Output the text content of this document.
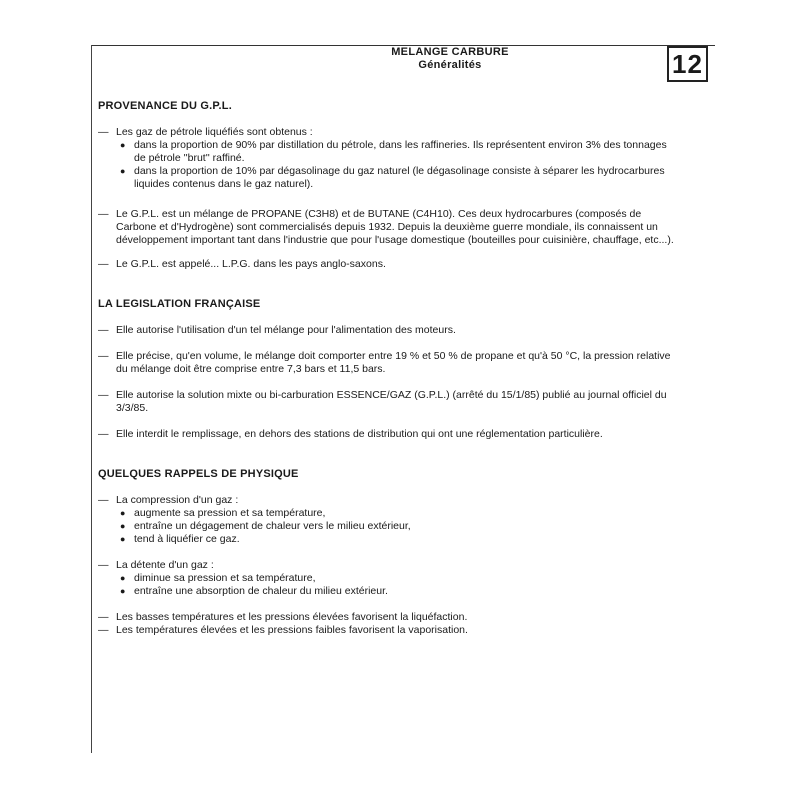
MELANGE CARBURE
Généralités	12
PROVENANCE DU G.P.L.
— Les gaz de pétrole liquéfiés sont obtenus :
● dans la proportion de 90% par distillation du pétrole, dans les raffineries. Ils représentent environ 3% des tonnages de pétrole ''brut'' raffiné.
● dans la proportion de 10% par dégasolinage du gaz naturel (le dégasolinage consiste à séparer les hydrocarbures liquides contenus dans le gaz naturel).
— Le G.P.L. est un mélange de PROPANE (C3H8) et de BUTANE (C4H10). Ces deux hydrocarbures (composés de Carbone et d'Hydrogène) sont commercialisés depuis 1932. Depuis la deuxième guerre mondiale, ils connaissent un développement important tant dans l'industrie que pour l'usage domestique (bouteilles pour cuisinière, chauffage, etc...).
— Le G.P.L. est appelé... L.P.G. dans les pays anglo-saxons.
LA LEGISLATION FRANÇAISE
— Elle autorise l'utilisation d'un tel mélange pour l'alimentation des moteurs.
— Elle précise, qu'en volume, le mélange doit comporter entre 19 % et 50 % de propane et qu'à 50 °C, la pression relative du mélange doit être comprise entre 7,3 bars et 11,5 bars.
— Elle autorise la solution mixte ou bi-carburation ESSENCE/GAZ (G.P.L.) (arrêté du 15/1/85) publié au journal officiel du 3/3/85.
— Elle interdit le remplissage, en dehors des stations de distribution qui ont une réglementation particulière.
QUELQUES RAPPELS DE PHYSIQUE
— La compression d'un gaz :
● augmente sa pression et sa température,
● entraîne un dégagement de chaleur vers le milieu extérieur,
● tend à liquéfier ce gaz.
— La détente d'un gaz :
● diminue sa pression et sa température,
● entraîne une absorption de chaleur du milieu extérieur.
— Les basses températures et les pressions élevées favorisent la liquéfaction.
— Les températures élevées et les pressions faibles favorisent la vaporisation.
